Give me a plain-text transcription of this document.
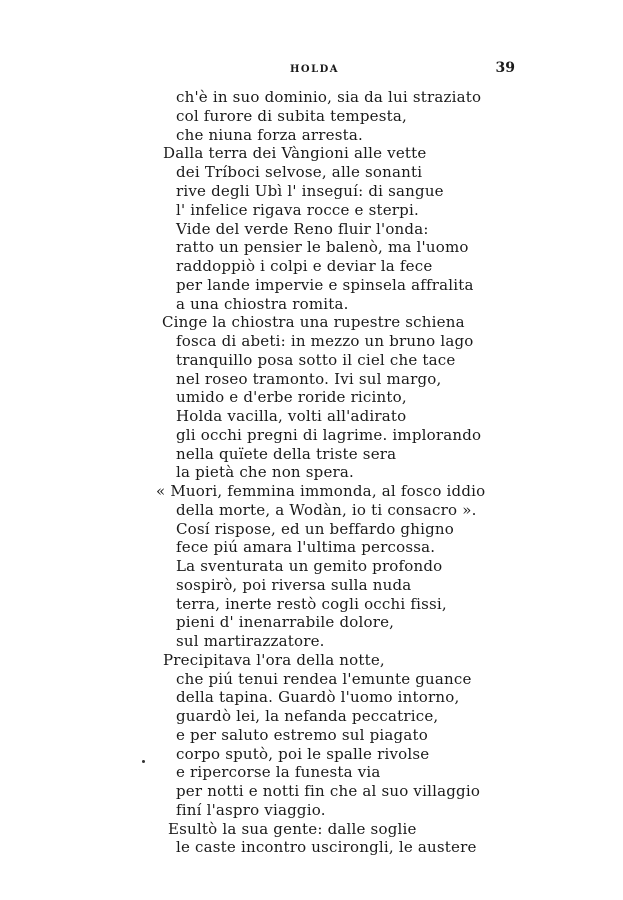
HOLDA	39
ch'è in suo dominio, sia da lui straziato
col furore di subita tempesta,
che niuna forza arresta.
Dalla terra dei Vàngioni alle vette
dei Tríboci selvose, alle sonanti
rive degli Ubì l' inseguí: di sangue
l' infelice rigava rocce e sterpi.
Vide del verde Reno fluir l'onda:
ratto un pensier le balenò, ma l'uomo
raddoppiò i colpi e deviar la fece
per lande impervie e spinsela affralita
a una chiostra romita.
Cinge la chiostra una rupestre schiena
fosca di abeti: in mezzo un bruno lago
tranquillo posa sotto il ciel che tace
nel roseo tramonto. Ivi sul margo,
umido e d'erbe roride ricinto,
Holda vacilla, volti all'adirato
gli occhi pregni di lagrime. implorando
nella quïete della triste sera
la pietà che non spera.
« Muori, femmina immonda, al fosco iddio
della morte, a Wodàn, io ti consacro ».
Cosí rispose, ed un beffardo ghigno
fece piú amara l'ultima percossa.
La sventurata un gemito profondo
sospirò, poi riversa sulla nuda
terra, inerte restò cogli occhi fissi,
pieni d' inenarrabile dolore,
sul martirazzatore.
Precipitava l'ora della notte,
che piú tenui rendea l'emunte guance
della tapina. Guardò l'uomo intorno,
guardò lei, la nefanda peccatrice,
e per saluto estremo sul piagato
corpo sputò, poi le spalle rivolse
e ripercorse la funesta via
per notti e notti fin che al suo villaggio
finí l'aspro viaggio.
Esultò la sua gente: dalle soglie
le caste incontro uscirongli, le austere
